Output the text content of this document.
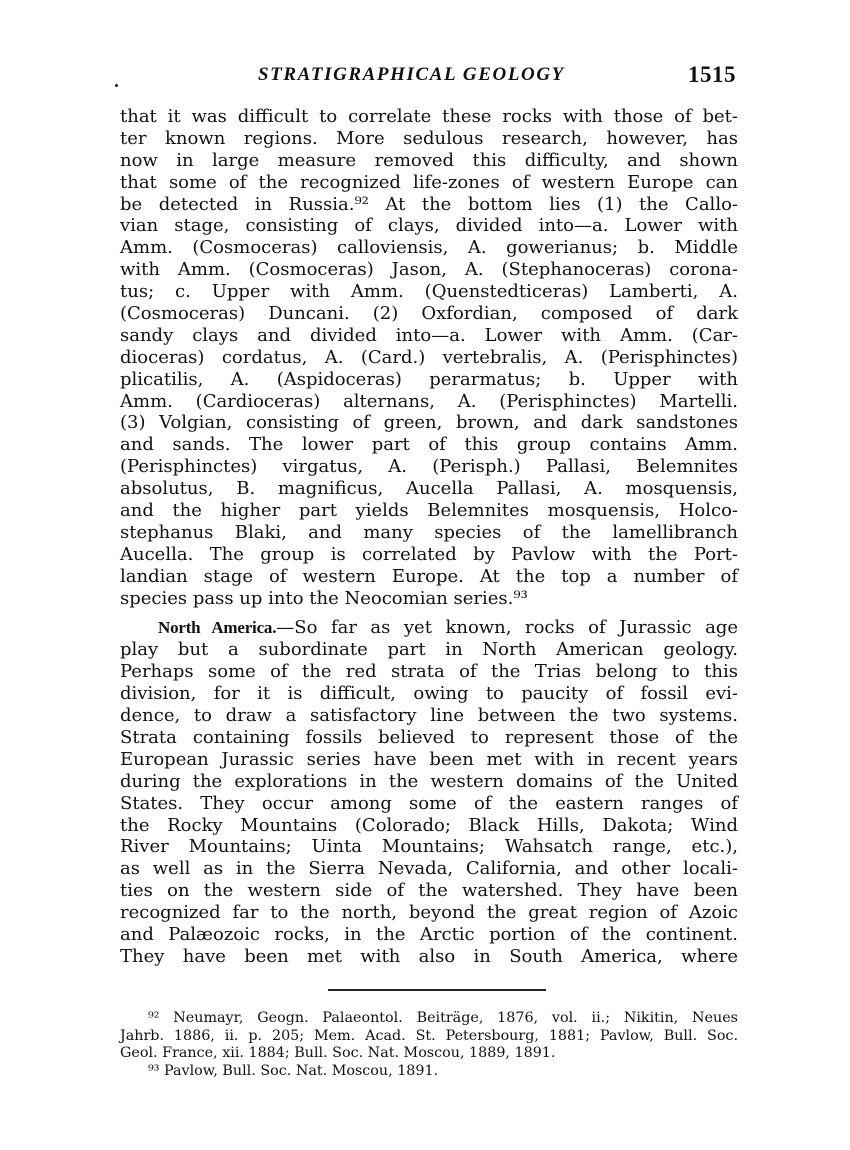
STRATIGRAPHICAL GEOLOGY	1515
that it was difficult to correlate these rocks with those of bet-
ter known regions. More sedulous research, however, has
now in large measure removed this difficulty, and shown
that some of the recognized life-zones of western Europe can
be detected in Russia.⁹² At the bottom lies (1) the Callo-
vian stage, consisting of clays, divided into—a. Lower with
Amm. (Cosmoceras) calloviensis, A. gowerianus; b. Middle
with Amm. (Cosmoceras) Jason, A. (Stephanoceras) corona-
tus; c. Upper with Amm. (Quenstedticeras) Lamberti, A.
(Cosmoceras) Duncani. (2) Oxfordian, composed of dark
sandy clays and divided into—a. Lower with Amm. (Car-
dioceras) cordatus, A. (Card.) vertebralis, A. (Perisphinctes)
plicatilis, A. (Aspidoceras) perarmatus; b. Upper with
Amm. (Cardioceras) alternans, A. (Perisphinctes) Martelli.
(3) Volgian, consisting of green, brown, and dark sandstones
and sands. The lower part of this group contains Amm.
(Perisphinctes) virgatus, A. (Perisph.) Pallasi, Belemnites
absolutus, B. magnificus, Aucella Pallasi, A. mosquensis,
and the higher part yields Belemnites mosquensis, Holco-
stephanus Blaki, and many species of the lamellibranch
Aucella. The group is correlated by Pavlow with the Port-
landian stage of western Europe. At the top a number of
species pass up into the Neocomian series.⁹³
North America.—So far as yet known, rocks of Jurassic age
play but a subordinate part in North American geology.
Perhaps some of the red strata of the Trias belong to this
division, for it is difficult, owing to paucity of fossil evi-
dence, to draw a satisfactory line between the two systems.
Strata containing fossils believed to represent those of the
European Jurassic series have been met with in recent years
during the explorations in the western domains of the United
States. They occur among some of the eastern ranges of
the Rocky Mountains (Colorado; Black Hills, Dakota; Wind
River Mountains; Uinta Mountains; Wahsatch range, etc.),
as well as in the Sierra Nevada, California, and other locali-
ties on the western side of the watershed. They have been
recognized far to the north, beyond the great region of Azoic
and Palæozoic rocks, in the Arctic portion of the continent.
They have been met with also in South America, where
⁹² Neumayr, Geogn. Palaeontol. Beiträge, 1876, vol. ii.; Nikitin, Neues
Jahrb. 1886, ii. p. 205; Mem. Acad. St. Petersbourg, 1881; Pavlow, Bull. Soc.
Geol. France, xii. 1884; Bull. Soc. Nat. Moscou, 1889, 1891.
⁹³ Pavlow, Bull. Soc. Nat. Moscou, 1891.
